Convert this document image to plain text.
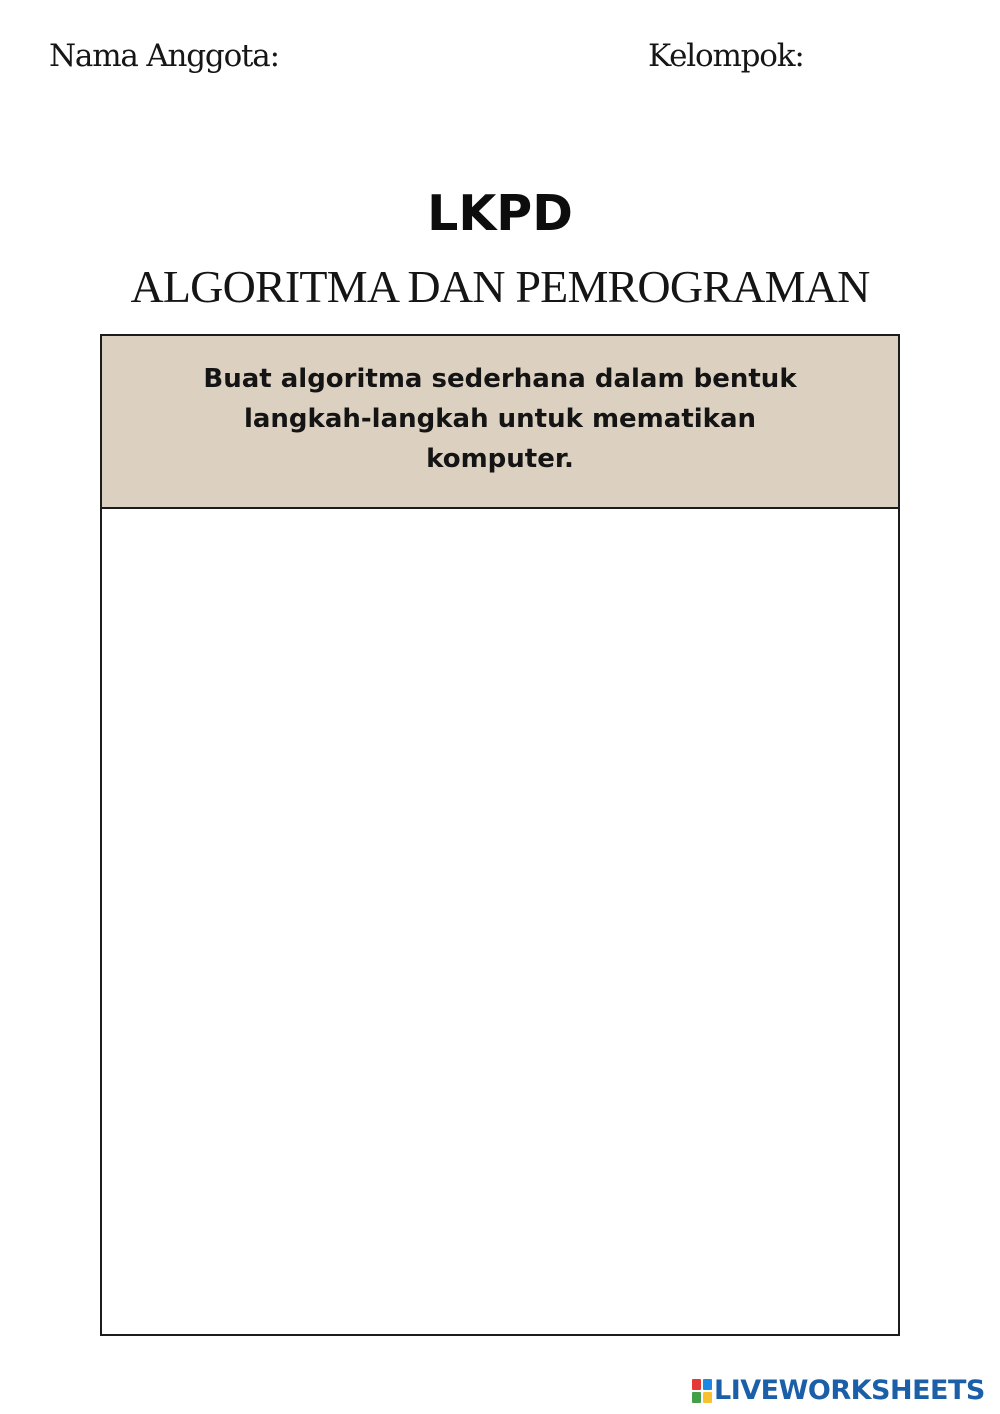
Nama Anggota:	Kelompok:
LKPD
ALGORITMA DAN PEMROGRAMAN
Buat algoritma sederhana dalam bentuk langkah-langkah untuk mematikan komputer.
LIVEWORKSHEETS
